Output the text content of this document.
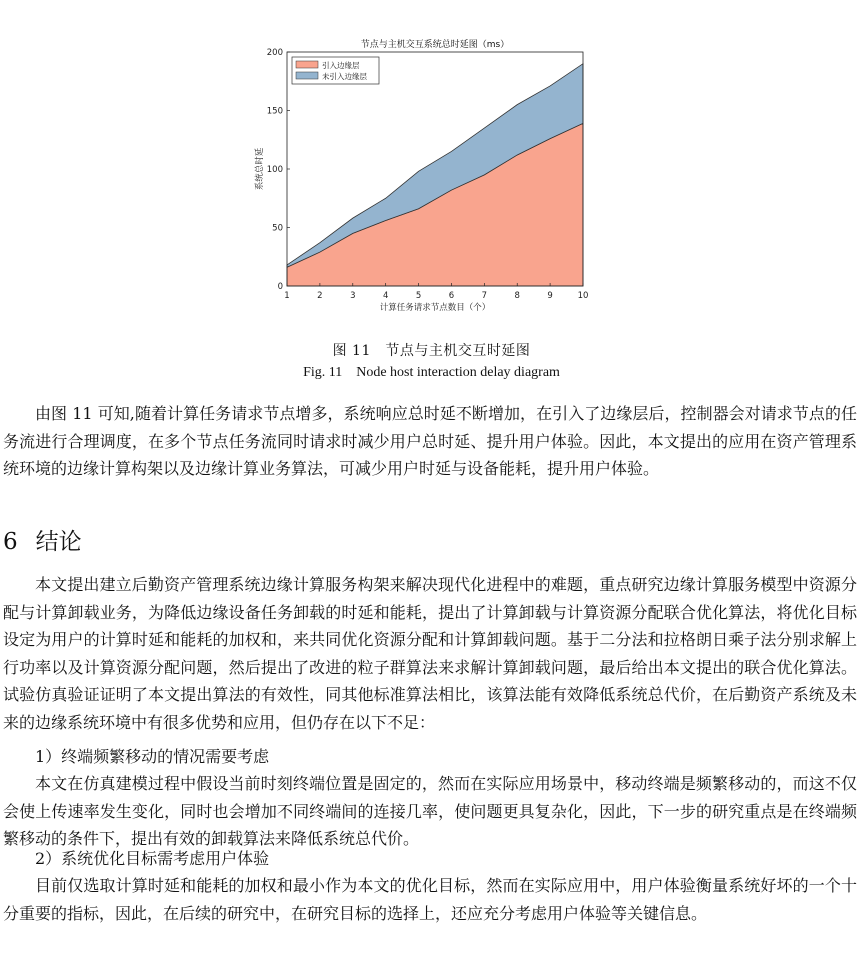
1	2	3	4	5	6	7	8	9	10
0
50
100
150
200
节点与主机交互系统总时延图（ms）
计算任务请求节点数目（个）
系统总时延
引入边缘层
未引入边缘层
图 11　节点与主机交互时延图
Fig. 11　Node host interaction delay diagram

由图 11 可知,随着计算任务请求节点增多，系统响应总时延不断增加，在引入了边缘层后，控制器会对请求节点的任务流进行合理调度，在多个节点任务流同时请求时减少用户总时延、提升用户体验。因此，本文提出的应用在资产管理系统环境的边缘计算构架以及边缘计算业务算法，可减少用户时延与设备能耗，提升用户体验。

6 结论

本文提出建立后勤资产管理系统边缘计算服务构架来解决现代化进程中的难题，重点研究边缘计算服务模型中资源分配与计算卸载业务，为降低边缘设备任务卸载的时延和能耗，提出了计算卸载与计算资源分配联合优化算法，将优化目标设定为用户的计算时延和能耗的加权和，来共同优化资源分配和计算卸载问题。基于二分法和拉格朗日乘子法分别求解上行功率以及计算资源分配问题，然后提出了改进的粒子群算法来求解计算卸载问题，最后给出本文提出的联合优化算法。试验仿真验证证明了本文提出算法的有效性，同其他标准算法相比，该算法能有效降低系统总代价，在后勤资产系统及未来的边缘系统环境中有很多优势和应用，但仍存在以下不足：

1）终端频繁移动的情况需要考虑

本文在仿真建模过程中假设当前时刻终端位置是固定的，然而在实际应用场景中，移动终端是频繁移动的，而这不仅会使上传速率发生变化，同时也会增加不同终端间的连接几率，使问题更具复杂化，因此，下一步的研究重点是在终端频繁移动的条件下，提出有效的卸载算法来降低系统总代价。

2）系统优化目标需考虑用户体验

目前仅选取计算时延和能耗的加权和最小作为本文的优化目标，然而在实际应用中，用户体验衡量系统好坏的一个十分重要的指标，因此，在后续的研究中，在研究目标的选择上，还应充分考虑用户体验等关键信息。
